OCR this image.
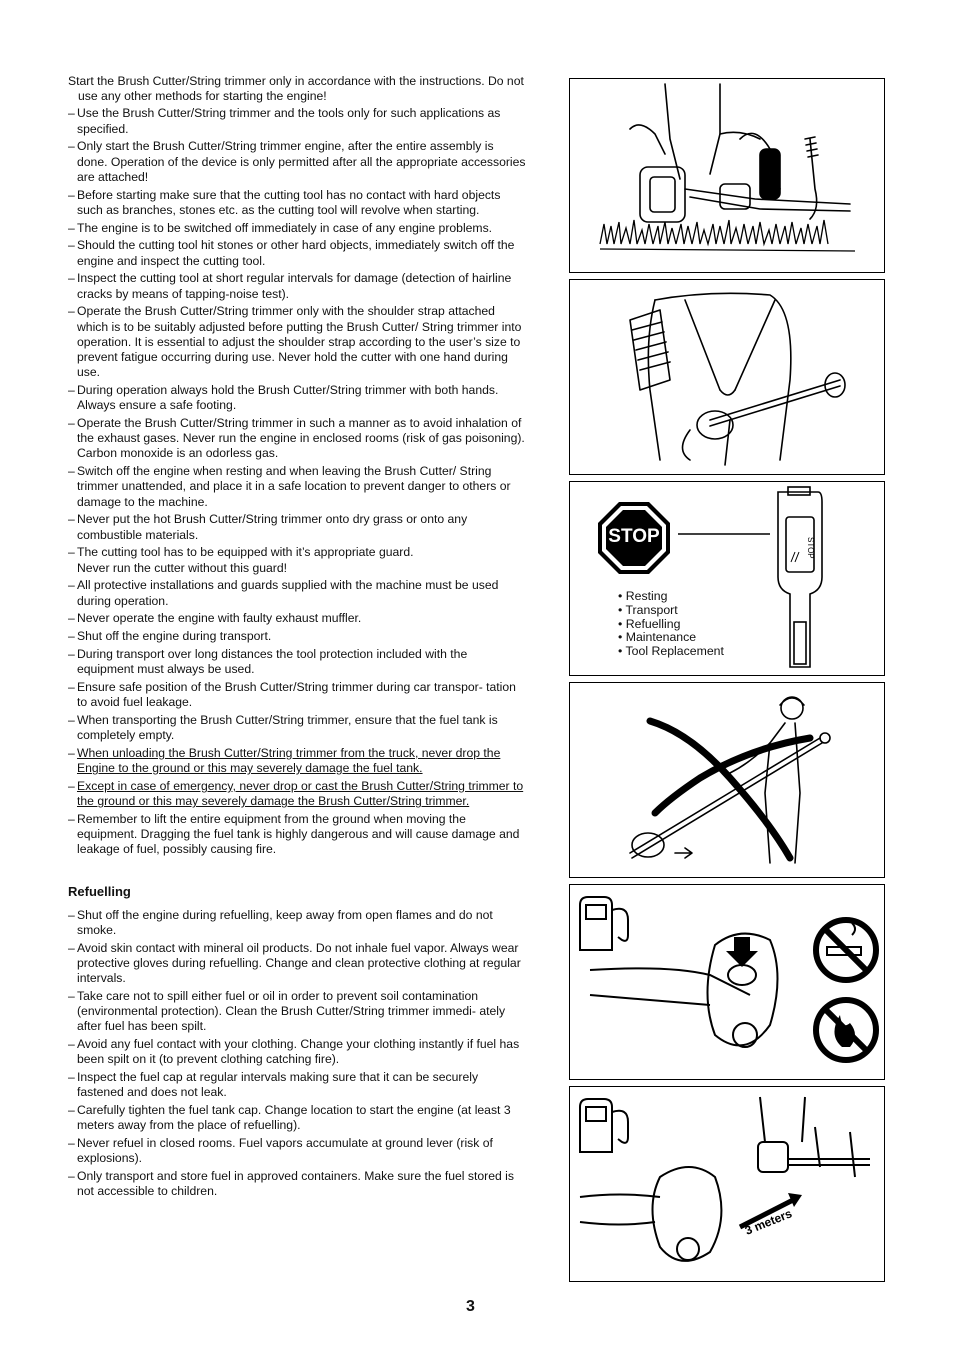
Start the Brush Cutter/String trimmer only in accordance with the instructions. Do not use any other methods for starting the engine!

– Use the Brush Cutter/String trimmer and the tools only for such applications as specified.
– Only start the Brush Cutter/String trimmer engine, after the entire assembly is done. Operation of the device is only permitted after all the appropriate accessories are attached!
– Before starting make sure that the cutting tool has no contact with hard objects such as branches, stones etc. as the cutting tool will revolve when starting.
– The engine is to be switched off immediately in case of any engine problems.
– Should the cutting tool hit stones or other hard objects, immediately switch off the engine and inspect the cutting tool.
– Inspect the cutting tool at short regular intervals for damage (detection of hairline cracks by means of tapping-noise test).
– Operate the Brush Cutter/String trimmer only with the shoulder strap attached which is to be suitably adjusted before putting the Brush Cutter/ String trimmer into operation. It is essential to adjust the shoulder strap according to the user’s size to prevent fatigue occurring during use. Never hold the cutter with one hand during use.
– During operation always hold the Brush Cutter/String trimmer with both hands.
Always ensure a safe footing.
– Operate the Brush Cutter/String trimmer in such a manner as to avoid inhalation of the exhaust gases. Never run the engine in enclosed rooms (risk of gas poisoning). Carbon monoxide is an odorless gas.
– Switch off the engine when resting and when leaving the Brush Cutter/ String trimmer unattended, and place it in a safe location to prevent danger to others or damage to the machine.
– Never put the hot Brush Cutter/String trimmer onto dry grass or onto any combustible materials.
– The cutting tool has to be equipped with it’s appropriate guard.
Never run the cutter without this guard!
– All protective installations and guards supplied with the machine must be used during operation.
– Never operate the engine with faulty exhaust muffler.
– Shut off the engine during transport.
– During transport over long distances the tool protection included with the equipment must always be used.
– Ensure safe position of the Brush Cutter/String trimmer during car transpor- tation to avoid fuel leakage.
– When transporting the Brush Cutter/String trimmer, ensure that the fuel tank is completely empty.
– When unloading the Brush Cutter/String trimmer from the truck, never drop the Engine to the ground or this may severely damage the fuel tank.
– Except in case of emergency, never drop or cast the Brush Cutter/String trimmer to the ground or this may severely damage the Brush Cutter/String trimmer.
– Remember to lift the entire equipment from the ground when moving the equipment. Dragging the fuel tank is highly dangerous and will cause damage and leakage of fuel, possibly causing fire.
Refuelling
– Shut off the engine during refuelling, keep away from open flames and do not smoke.
– Avoid skin contact with mineral oil products. Do not inhale fuel vapor. Always wear protective gloves during refuelling. Change and clean protective clothing at regular intervals.
– Take care not to spill either fuel or oil in order to prevent soil contamination (environmental protection). Clean the Brush Cutter/String trimmer immedi- ately after fuel has been spilt.
– Avoid any fuel contact with your clothing. Change your clothing instantly if fuel has been spilt on it (to prevent clothing catching fire).
– Inspect the fuel cap at regular intervals making sure that it can be securely fastened and does not leak.
– Carefully tighten the fuel tank cap. Change location to start the engine (at least 3 meters away from the place of refuelling).
– Never refuel in closed rooms. Fuel vapors accumulate at ground lever (risk of explosions).
– Only transport and store fuel in approved containers. Make sure the fuel stored is not accessible to children.
STOP
STOP
• Resting
• Transport
• Refuelling
• Maintenance
• Tool Replacement
3 meters
3
